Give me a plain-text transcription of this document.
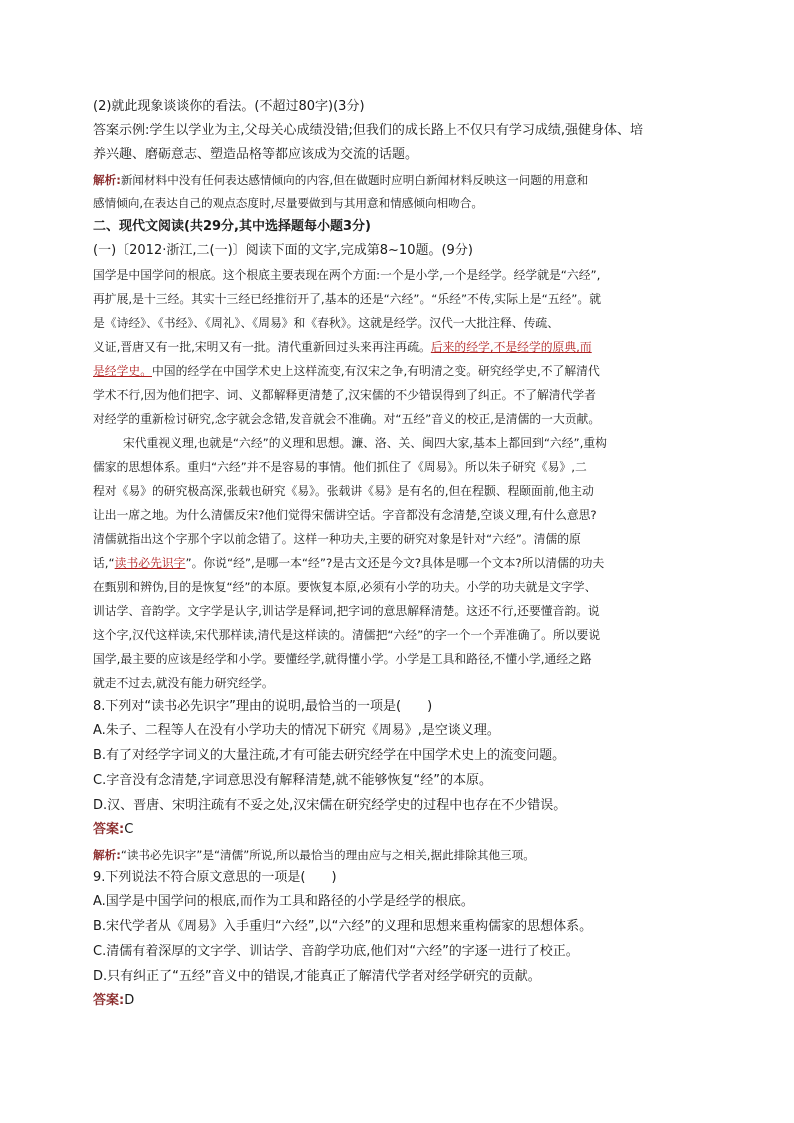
(2)就此现象谈谈你的看法。(不超过80字)(3分)
答案示例:学生以学业为主,父母关心成绩没错;但我们的成长路上不仅只有学习成绩,强健身体、培
养兴趣、磨砺意志、塑造品格等都应该成为交流的话题。
解析:新闻材料中没有任何表达感情倾向的内容,但在做题时应明白新闻材料反映这一问题的用意和
感情倾向,在表达自己的观点态度时,尽量要做到与其用意和情感倾向相吻合。
二、现代文阅读(共29分,其中选择题每小题3分)
(一)〔2012·浙江,二(一)〕阅读下面的文字,完成第8~10题。(9分)
国学是中国学问的根底。这个根底主要表现在两个方面:一个是小学,一个是经学。经学就是“六经”,
再扩展,是十三经。其实十三经已经推衍开了,基本的还是“六经”。“乐经”不传,实际上是“五经”。就
是《诗经》、《书经》、《周礼》、《周易》和《春秋》。这就是经学。汉代一大批注释、传疏、
义证,晋唐又有一批,宋明又有一批。清代重新回过头来再注再疏。后来的经学,不是经学的原典,而
是经学史。中国的经学在中国学术史上这样流变,有汉宋之争,有明清之变。研究经学史,不了解清代
学术不行,因为他们把字、词、义都解释更清楚了,汉宋儒的不少错误得到了纠正。不了解清代学者
对经学的重新检讨研究,念字就会念错,发音就会不准确。对“五经”音义的校正,是清儒的一大贡献。
宋代重视义理,也就是“六经”的义理和思想。濂、洛、关、闽四大家,基本上都回到“六经”,重构
儒家的思想体系。重归“六经”并不是容易的事情。他们抓住了《周易》。所以朱子研究《易》,二
程对《易》的研究极高深,张载也研究《易》。张载讲《易》是有名的,但在程颢、程颐面前,他主动
让出一席之地。为什么清儒反宋?他们觉得宋儒讲空话。字音都没有念清楚,空谈义理,有什么意思?
清儒就指出这个字那个字以前念错了。这样一种功夫,主要的研究对象是针对“六经”。清儒的原
话,“读书必先识字”。你说“经”,是哪一本“经”?是古文还是今文?具体是哪一个文本?所以清儒的功夫
在甄别和辨伪,目的是恢复“经”的本原。要恢复本原,必须有小学的功夫。小学的功夫就是文字学、
训诂学、音韵学。文字学是认字,训诂学是释词,把字词的意思解释清楚。这还不行,还要懂音韵。说
这个字,汉代这样读,宋代那样读,清代是这样读的。清儒把“六经”的字一个一个弄准确了。所以要说
国学,最主要的应该是经学和小学。要懂经学,就得懂小学。小学是工具和路径,不懂小学,通经之路
就走不过去,就没有能力研究经学。
8.下列对“读书必先识字”理由的说明,最恰当的一项是(　　)
A.朱子、二程等人在没有小学功夫的情况下研究《周易》,是空谈义理。
B.有了对经学字词义的大量注疏,才有可能去研究经学在中国学术史上的流变问题。
C.字音没有念清楚,字词意思没有解释清楚,就不能够恢复“经”的本原。
D.汉、晋唐、宋明注疏有不妥之处,汉宋儒在研究经学史的过程中也存在不少错误。
答案:C
解析:“读书必先识字”是“清儒”所说,所以最恰当的理由应与之相关,据此排除其他三项。
9.下列说法不符合原文意思的一项是(　　)
A.国学是中国学问的根底,而作为工具和路径的小学是经学的根底。
B.宋代学者从《周易》入手重归“六经”,以“六经”的义理和思想来重构儒家的思想体系。
C.清儒有着深厚的文字学、训诂学、音韵学功底,他们对“六经”的字逐一进行了校正。
D.只有纠正了“五经”音义中的错误,才能真正了解清代学者对经学研究的贡献。
答案:D
